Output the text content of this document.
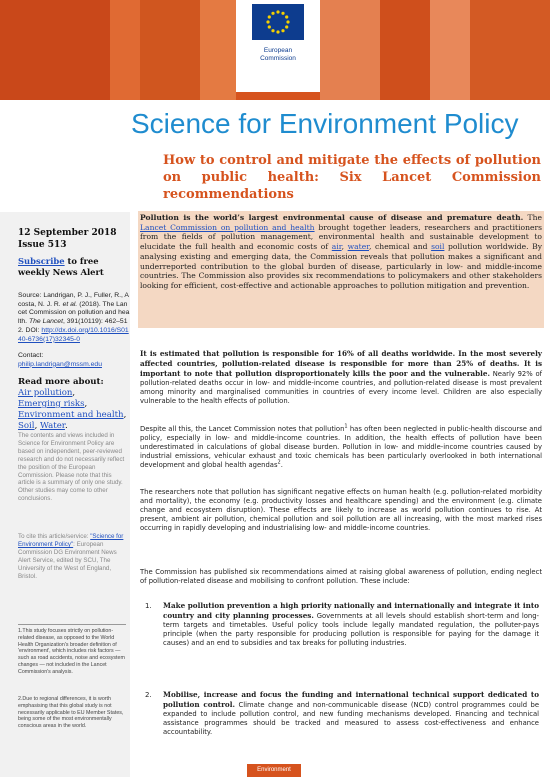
European
Commission
Science for Environment Policy
How to control and mitigate the effects of pollution on public health: Six Lancet Commission recommendations
12 September 2018
Issue 513
Subscribe to free weekly News Alert
Source: Landrigan, P. J., Fuller, R., Acosta, N. J. R. et al. (2018). The Lancet Commission on pollution and health. The Lancet, 391(10119): 462–512. DOI: http://dx.doi.org/10.1016/S0140-6736(17)32345-0
Contact:
philip.landrigan@mssm.edu
Read more about:
Air pollution,
Emerging risks,
Environment and health, Soil, Water.
The contents and views included in Science for Environment Policy are based on independent, peer-reviewed research and do not necessarily reflect the position of the European Commission. Please note that this article is a summary of only one study. Other studies may come to other conclusions.
To cite this article/service: "Science for Environment Policy": European Commission DG Environment News Alert Service, edited by SCU, The University of the West of England, Bristol.
1.This study focuses strictly on pollution-related disease, as opposed to the World Health Organization's broader definition of 'environment', which includes risk factors — such as road accidents, noise and ecosystem changes — not included in the Lancet Commission's analysis.
2.Due to regional differences, it is worth emphasising that this global study is not necessarily applicable to EU Member States, being some of the most environmentally conscious areas in the world.
Pollution is the world’s largest environmental cause of disease and premature death. The Lancet Commission on pollution and health brought together leaders, researchers and practitioners from the fields of pollution management, environmental health and sustainable development to elucidate the full health and economic costs of air, water, chemical and soil pollution worldwide. By analysing existing and emerging data, the Commission reveals that pollution makes a significant and underreported contribution to the global burden of disease, particularly in low- and middle-income countries. The Commission also provides six recommendations to policymakers and other stakeholders looking for efficient, cost-effective and actionable approaches to pollution mitigation and prevention.
It is estimated that pollution is responsible for 16% of all deaths worldwide. In the most severely affected countries, pollution-related disease is responsible for more than 25% of deaths. It is important to note that pollution disproportionately kills the poor and the vulnerable. Nearly 92% of pollution-related deaths occur in low- and middle-income countries, and pollution-related disease is most prevalent among minority and marginalised communities in countries of every income level. Children are also especially vulnerable to the health effects of pollution.
Despite all this, the Lancet Commission notes that pollution$^1$ has often been neglected in public-health discourse and policy, especially in low- and middle-income countries. In addition, the health effects of pollution have been underestimated in calculations of global disease burden. Pollution in low- and middle-income countries caused by industrial emissions, vehicular exhaust and toxic chemicals has been particularly overlooked in both international development and global health agendas$^2$.
The researchers note that pollution has significant negative effects on human health (e.g. pollution-related morbidity and mortality), the economy (e.g. productivity losses and healthcare spending) and the environment (e.g. climate change and ecosystem disruption). These effects are likely to increase as world pollution continues to rise. At present, ambient air pollution, chemical pollution and soil pollution are all increasing, with the most marked rises occurring in rapidly developing and industrialising low- and middle-income countries.
The Commission has published six recommendations aimed at raising global awareness of pollution, ending neglect of pollution-related disease and mobilising to confront pollution. These include:
1. Make pollution prevention a high priority nationally and internationally and integrate it into country and city planning processes. Governments at all levels should establish short-term and long-term targets and timetables. Useful policy tools include legally mandated regulation, the polluter-pays principle (when the party responsible for producing pollution is responsible for paying for the damage it causes) and an end to subsidies and tax breaks for polluting industries.
2. Mobilise, increase and focus the funding and international technical support dedicated to pollution control. Climate change and non-communicable disease (NCD) control programmes could be expanded to include pollution control, and new funding mechanisms developed. Financing and technical assistance programmes should be tracked and measured to assess cost-effectiveness and enhance accountability.
Environment
